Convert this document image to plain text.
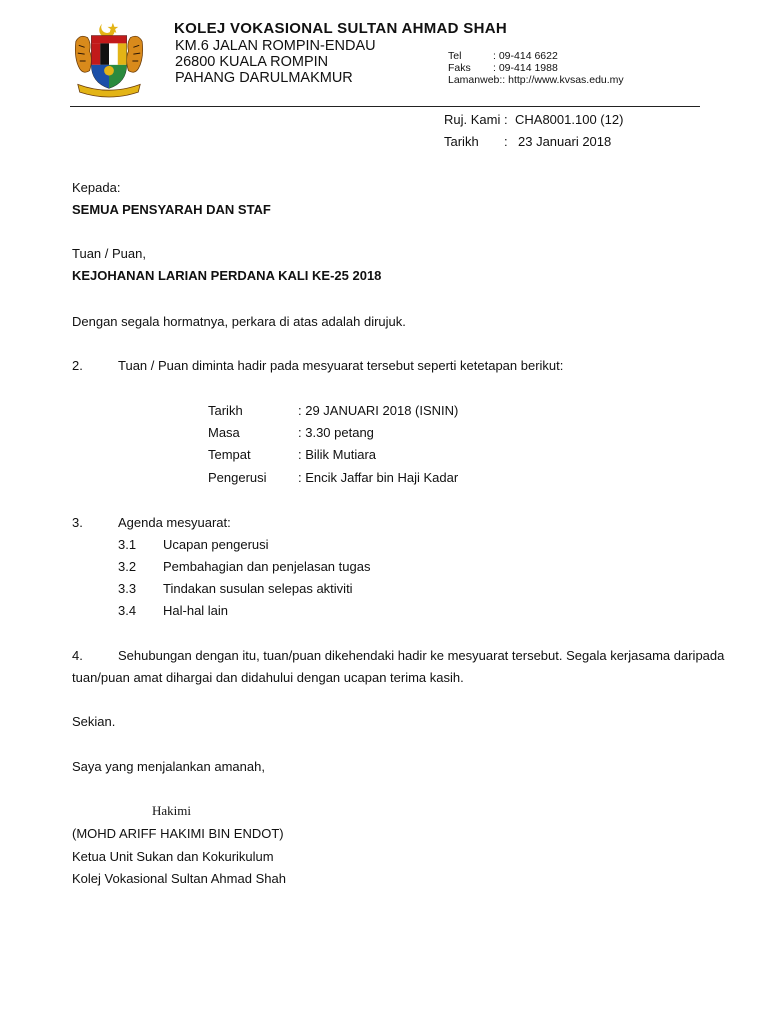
KOLEJ VOKASIONAL SULTAN AHMAD SHAH
KM.6 JALAN ROMPIN-ENDAU
26800 KUALA ROMPIN
PAHANG DARULMAKMUR
Tel	: 09-414 6622
Faks : 09-414 1988
Lamanweb:: http://www.kvsas.edu.my
Ruj. Kami : CHA8001.100 (12)
Tarikh : 23 Januari 2018
Kepada:
SEMUA PENSYARAH DAN STAF
Tuan / Puan,
KEJOHANAN LARIAN PERDANA KALI KE-25 2018
Dengan segala hormatnya, perkara di atas adalah dirujuk.
2.	Tuan / Puan diminta hadir pada mesyuarat tersebut seperti ketetapan berikut:
Tarikh	: 29 JANUARI 2018 (ISNIN)
Masa	: 3.30 petang
Tempat	: Bilik Mutiara
Pengerusi : Encik Jaffar bin Haji Kadar
3.	Agenda mesyuarat:
3.1 Ucapan pengerusi
3.2 Pembahagian dan penjelasan tugas
3.3 Tindakan susulan selepas aktiviti
3.4 Hal-hal lain
4.	Sehubungan dengan itu, tuan/puan dikehendaki hadir ke mesyuarat tersebut. Segala kerjasama daripada
tuan/puan amat dihargai dan didahului dengan ucapan terima kasih.
Sekian.
Saya yang menjalankan amanah,
Hakimi
(MOHD ARIFF HAKIMI BIN ENDOT)
Ketua Unit Sukan dan Kokurikulum
Kolej Vokasional Sultan Ahmad Shah
